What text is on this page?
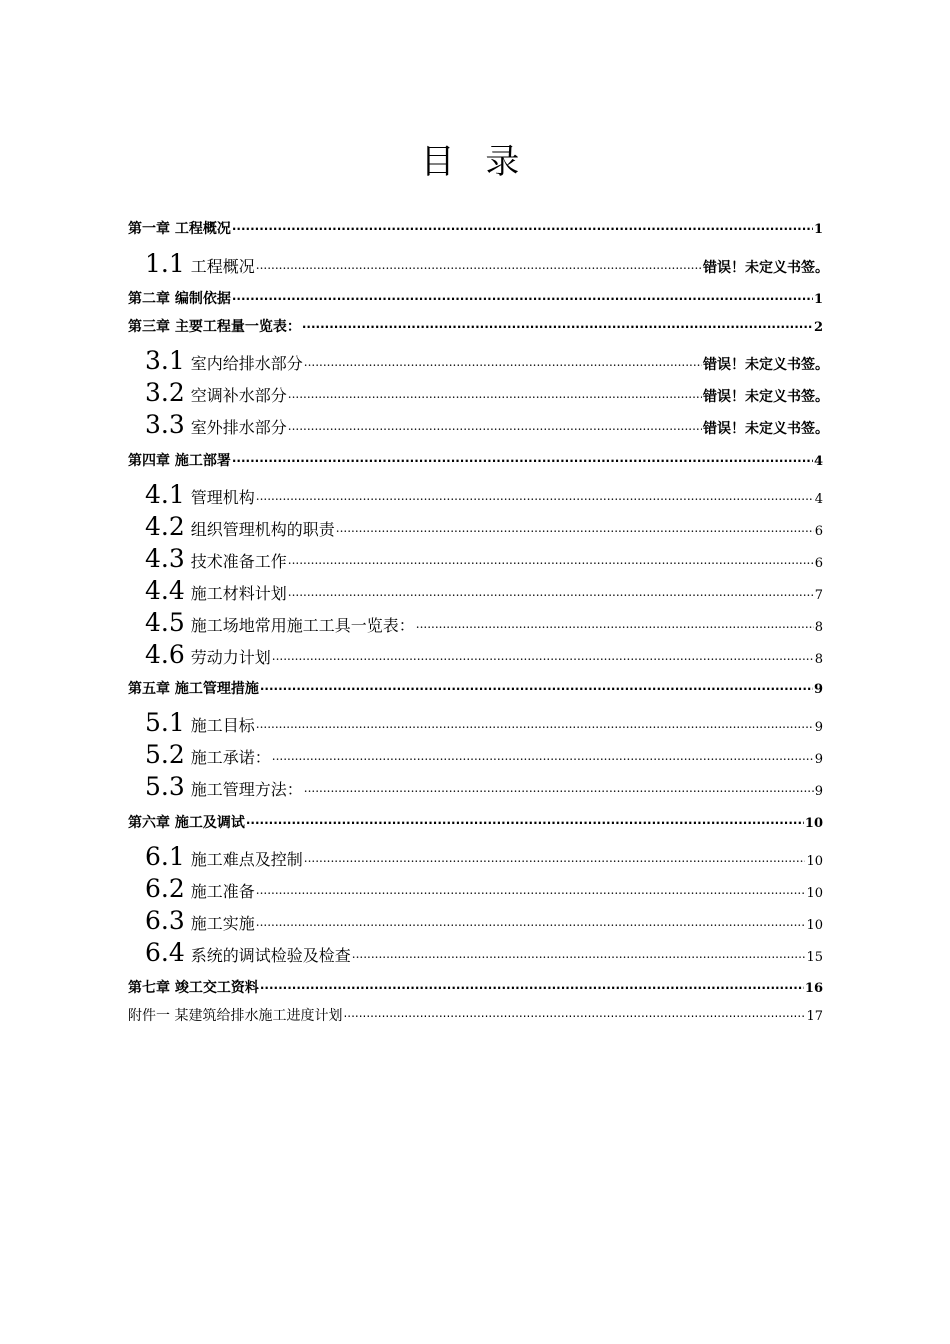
目 录
第一章 工程概况 .....	1
1.1 工程概况 .....	错误！未定义书签。
第二章 编制依据 .....	1
第三章 主要工程量一览表： .....	2
3.1 室内给排水部分 .....	错误！未定义书签。
3.2 空调补水部分 .....	错误！未定义书签。
3.3 室外排水部分 .....	错误！未定义书签。
第四章 施工部署 .....	4
4.1 管理机构 .....	4
4.2 组织管理机构的职责 .....	6
4.3 技术准备工作 .....	6
4.4 施工材料计划 .....	7
4.5 施工场地常用施工工具一览表： .....	8
4.6 劳动力计划 .....	8
第五章 施工管理措施 .....	9
5.1 施工目标 .....	9
5.2 施工承诺： .....	9
5.3 施工管理方法： .....	9
第六章 施工及调试 .....	10
6.1 施工难点及控制 .....	10
6.2 施工准备 .....	10
6.3 施工实施 .....	10
6.4 系统的调试检验及检查 .....	15
第七章 竣工交工资料 .....	16
附件一 某建筑给排水施工进度计划 .....	17
